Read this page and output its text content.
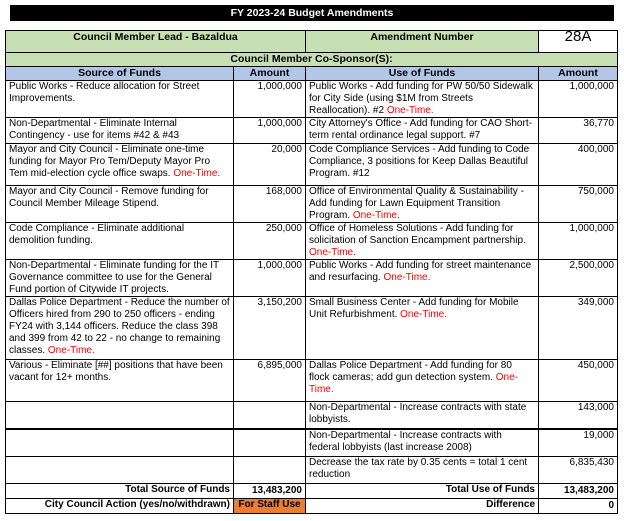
FY 2023-24 Budget Amendments
Council Member Lead - Bazaldua		Amendment Number	28A
Council Member Co-Sponsor(S):			
Source of Funds	Amount	Use of Funds	Amount
Public Works - Reduce allocation for Street Improvements.	1,000,000	Public Works - Add funding for PW 50/50 Sidewalk for City Side (using $1M from Streets Reallocation). #2 One-Time.	1,000,000
Non-Departmental - Eliminate Internal Contingency - use for items #42 & #43	1,000,000	City Attorney's Office - Add funding for CAO Short-term rental ordinance legal support. #7	36,770
Mayor and City Council - Eliminate one-time funding for Mayor Pro Tem/Deputy Mayor Pro Tem mid-election cycle office swaps. One-Time.	20,000	Code Compliance Services - Add funding to Code Compliance, 3 positions for Keep Dallas Beautiful Program. #12	400,000
Mayor and City Council - Remove funding for Council Member Mileage Stipend.	168,000	Office of Environmental Quality & Sustainability - Add funding for Lawn Equipment Transition Program. One-Time.	750,000
Code Compliance - Eliminate additional demolition funding.	250,000	Office of Homeless Solutions - Add funding for solicitation of Sanction Encampment partnership. One-Time.	1,000,000
Non-Departmental - Eliminate funding for the IT Governance committee to use for the General Fund portion of Citywide IT projects.	1,000,000	Public Works - Add funding for street maintenance and resurfacing. One-Time.	2,500,000
Dallas Police Department - Reduce the number of Officers hired from 290 to 250 officers - ending FY24 with 3,144 officers. Reduce the class 398 and 399 from 42 to 22 - no change to remaining classes. One-Time.	3,150,200	Small Business Center - Add funding for Mobile Unit Refurbishment. One-Time.	349,000
Various - Eliminate [##] positions that have been vacant for 12+ months.	6,895,000	Dallas Police Department - Add funding for 80 flock cameras; add gun detection system. One-Time.	450,000
		Non-Departmental - Increase contracts with state lobbyists.	143,000
		Non-Departmental - Increase contracts with federal lobbyists (last increase 2008)	19,000
		Decrease the tax rate by 0.35 cents = total 1 cent reduction	6,835,430
Total Source of Funds	13,483,200	Total Use of Funds	13,483,200
City Council Action (yes/no/withdrawn)	For Staff Use	Difference	0
